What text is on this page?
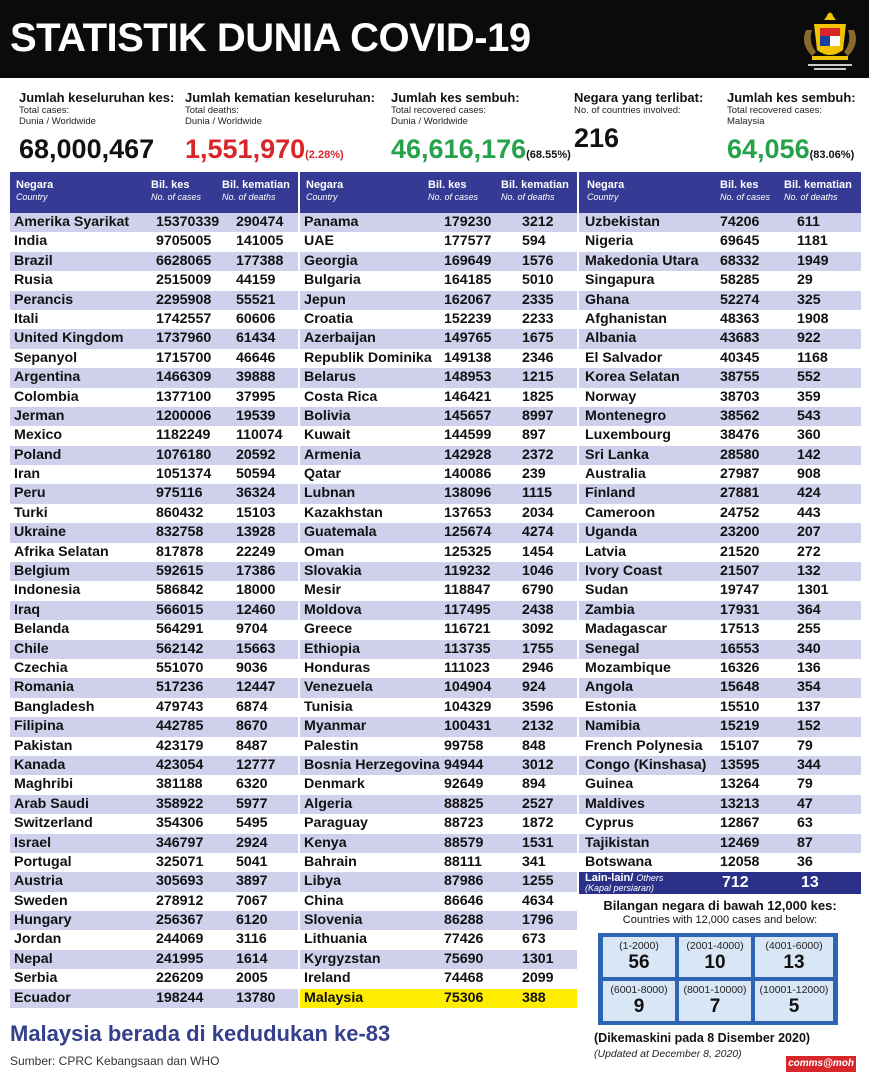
STATISTIK DUNIA COVID-19
Jumlah keseluruhan kes:
Total cases:
Dunia / Worldwide
68,000,467
Jumlah kematian keseluruhan:
Total deaths:
Dunia / Worldwide
1,551,970(2.28%)
Jumlah kes sembuh:
Total recovered cases:
Dunia / Worldwide
46,616,176(68.55%)
Negara yang terlibat:
No. of countries involved:
216
Jumlah kes sembuh:
Total recovered cases:
Malaysia
64,056(83.06%)
Negara
Country
Bil. kes
No. of cases
Bil. kematian
No. of deaths
Amerika Syarikat 15370339 290474
India	9705005 141005
Brazil	6628065 177388
Rusia	2515009 44159
Perancis	2295908 55521
Itali	1742557 60606
United Kingdom 1737960 61434
Sepanyol	1715700 46646
Argentina	1466309 39888
Colombia	1377100 37995
Jerman	1200006 19539
Mexico	1182249 110074
Poland	1076180 20592
Iran	1051374 50594
Peru	975116 36324
Turki	860432 15103
Ukraine	832758 13928
Afrika Selatan	817878 22249
Belgium	592615 17386
Indonesia	586842 18000
Iraq	566015 12460
Belanda	564291 9704
Chile	562142 15663
Czechia	551070 9036
Romania	517236 12447
Bangladesh	479743 6874
Filipina	442785 8670
Pakistan	423179 8487
Kanada	423054 12777
Maghribi	381188 6320
Arab Saudi	358922 5977
Switzerland	354306 5495
Israel	346797 2924
Portugal	325071 5041
Austria	305693 3897
Sweden	278912 7067
Hungary	256367 6120
Jordan	244069 3116
Nepal	241995 1614
Serbia	226209 2005
Ecuador	198244 13780
Negara
Country
Bil. kes
No. of cases
Bil. kematian
No. of deaths
Panama	179230 3212
UAE	177577 594
Georgia	169649 1576
Bulgaria	164185 5010
Jepun	162067 2335
Croatia	152239 2233
Azerbaijan	149765 1675
Republik Dominika 149138 2346
Belarus	148953 1215
Costa Rica	146421 1825
Bolivia	145657 8997
Kuwait	144599 897
Armenia	142928 2372
Qatar	140086 239
Lubnan	138096 1115
Kazakhstan	137653 2034
Guatemala	125674 4274
Oman	125325 1454
Slovakia	119232 1046
Mesir	118847 6790
Moldova	117495 2438
Greece	116721 3092
Ethiopia	113735 1755
Honduras	111023 2946
Venezuela	104904 924
Tunisia	104329 3596
Myanmar	100431 2132
Palestin	99758	848
Bosnia Herzegovina 94944	3012
Denmark	92649	894
Algeria	88825	2527
Paraguay	88723	1872
Kenya	88579	1531
Bahrain	88111	341
Libya	87986	1255
China	86646	4634
Slovenia	86288	1796
Lithuania	77426	673
Kyrgyzstan	75690	1301
Ireland	74468	2099
Malaysia	75306	388
Negara
Country
Bil. kes
No. of cases
Bil. kematian
No. of deaths
Uzbekistan	74206	611
Nigeria	69645	1181
Makedonia Utara 68332	1949
Singapura	58285	29
Ghana	52274	325
Afghanistan	48363	1908
Albania	43683	922
El Salvador	40345	1168
Korea Selatan	38755	552
Norway	38703	359
Montenegro	38562	543
Luxembourg	38476	360
Sri Lanka	28580	142
Australia	27987	908
Finland	27881	424
Cameroon	24752	443
Uganda	23200	207
Latvia	21520	272
Ivory Coast	21507	132
Sudan	19747	1301
Zambia	17931	364
Madagascar	17513	255
Senegal	16553	340
Mozambique	16326	136
Angola	15648	354
Estonia	15510	137
Namibia	15219	152
French Polynesia 15107	79
Congo (Kinshasa) 13595	344
Guinea	13264	79
Maldives	13213	47
Cyprus	12867	63
Tajikistan	12469	87
Botswana	12058	36
Lain-lain/ Others
(Kapal persiaran)	712	13
Bilangan negara di bawah 12,000 kes:
Countries with 12,000 cases and below:
(1-2000)
56
(2001-4000)
10
(4001-6000)
13
(6001-8000)
9
(8001-10000)
7
(10001-12000)
5
(Dikemaskini pada 8 Disember 2020)
(Updated at December 8, 2020)
Malaysia berada di kedudukan ke-83
Sumber: CPRC Kebangsaan dan WHO	comms@moh
